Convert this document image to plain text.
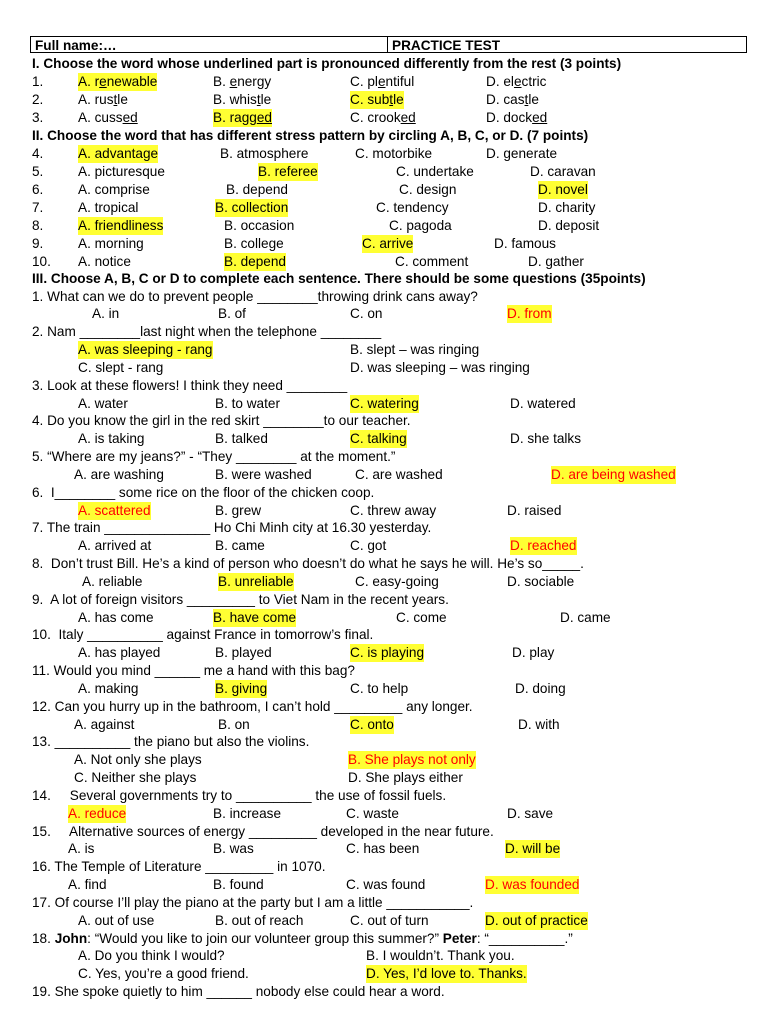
Full name:…	PRACTICE TEST
I. Choose the word whose underlined part is pronounced differently from the rest (3 points)
1.	A. renewable	B. energy	C. plentiful	D. electric
2.	A. rustle	B. whistle	C. subtle	D. castle
3.	A. cussed	B. ragged	C. crooked	D. docked
II. Choose the word that has different stress pattern by circling A, B, C, or D. (7 points)
4.	A. advantage	B. atmosphere	C. motorbike	D. generate
5.	A. picturesque	B. referee	C. undertake	D. caravan
6.	A. comprise	B. depend	C. design	D. novel
7.	A. tropical	B. collection	C. tendency	D. charity
8.	A. friendliness	B. occasion	C. pagoda	D. deposit
9.	A. morning	B. college	C. arrive	D. famous
10. A. notice	B. depend	C. comment	D. gather
III. Choose A, B, C or D to complete each sentence. There should be some questions (35points)
1. What can we do to prevent people ________throwing drink cans away?
A. in	B. of	C. on	D. from
2. Nam ________last night when the telephone ________
A. was sleeping - rang	B. slept – was ringing
C. slept - rang	D. was sleeping – was ringing
3. Look at these flowers! I think they need ________
A. water	B. to water	C. watering	D. watered
4. Do you know the girl in the red skirt ________to our teacher.
A. is taking	B. talked	C. talking	D. she talks
5. “Where are my jeans?” - “They ________ at the moment.”
A. are washing	B. were washed	C. are washed	D. are being washed
6.  I________ some rice on the floor of the chicken coop.
A. scattered	B. grew	C. threw away	D. raised
7. The train ______________ Ho Chi Minh city at 16.30 yesterday.
A. arrived at	B. came	C. got	D. reached
8.  Don’t trust Bill. He’s a kind of person who doesn’t do what he says he will. He’s so_____.
A. reliable	B. unreliable	C. easy-going	D. sociable
9.  A lot of foreign visitors _________ to Viet Nam in the recent years.
A. has come	B. have come	C. come	D. came
10.  Italy __________ against France in tomorrow’s final.
A. has played	B. played	C. is playing	D. play
11. Would you mind ______ me a hand with this bag?
A. making	B. giving	C. to help	D. doing
12. Can you hurry up in the bathroom, I can’t hold _________ any longer.
A. against	B. on	C. onto	D. with
13. __________ the piano but also the violins.
A. Not only she plays	B. She plays not only
C. Neither she plays	D. She plays either
14.     Several governments try to __________ the use of fossil fuels.
A. reduce	B. increase	C. waste	D. save
15.     Alternative sources of energy _________ developed in the near future.
A. is	B. was	C. has been	D. will be
16. The Temple of Literature _________ in 1070.
A. find	B. found	C. was found	D. was founded
17. Of course I’ll play the piano at the party but I am a little ___________.
A. out of use	B. out of reach	C. out of turn	D. out of practice
18. John: “Would you like to join our volunteer group this summer?” Peter: “__________.”
A. Do you think I would?	B. I wouldn’t. Thank you.
C. Yes, you’re a good friend.	D. Yes, I’d love to. Thanks.
19. She spoke quietly to him ______ nobody else could hear a word.
